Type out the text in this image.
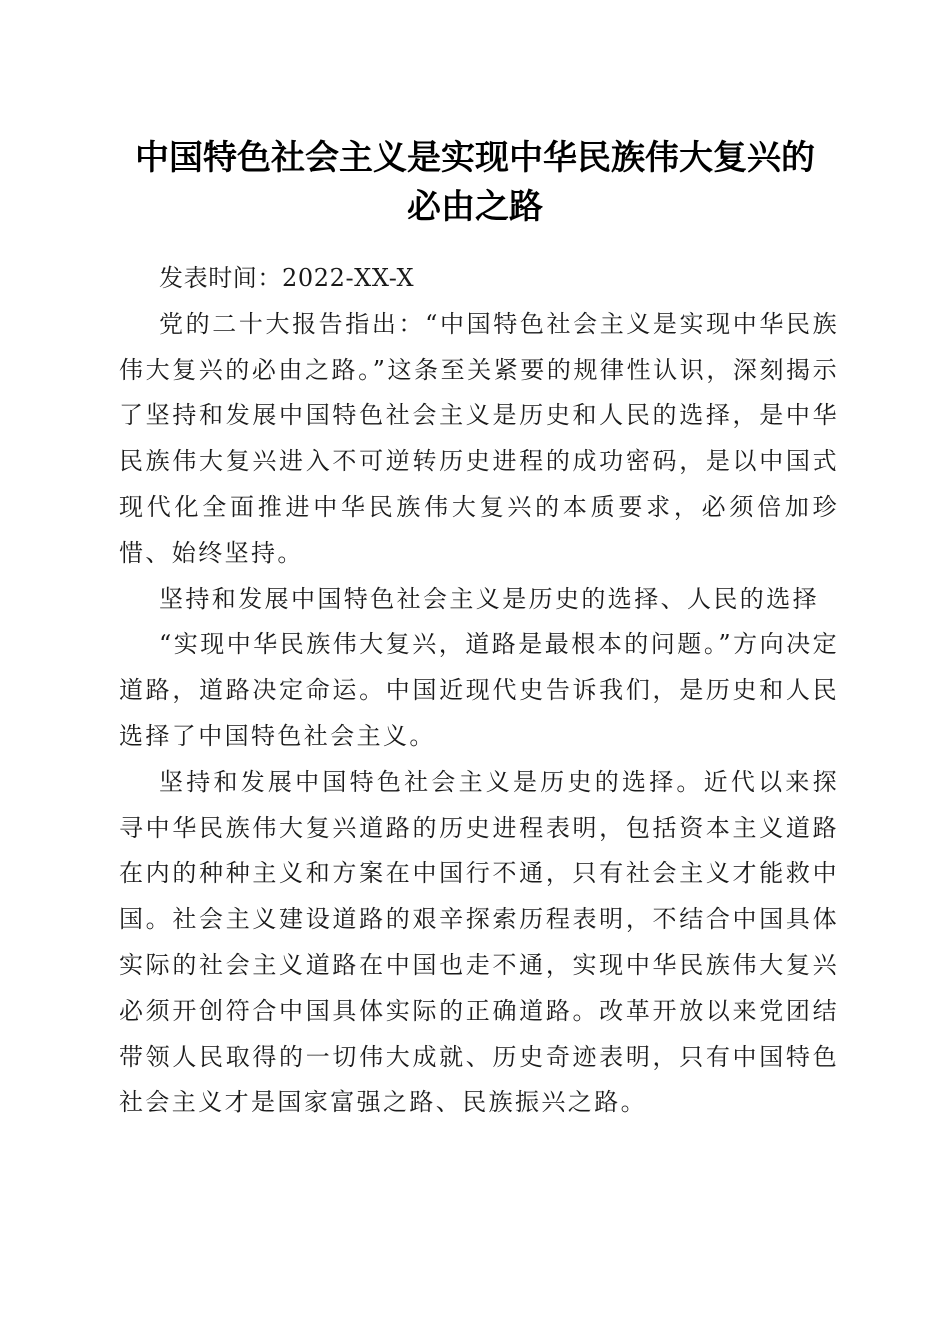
中国特色社会主义是实现中华民族伟大复兴的
必由之路

发表时间：2022-XX-X

党的二十大报告指出：“中国特色社会主义是实现中华民族伟大复兴的必由之路。”这条至关紧要的规律性认识，深刻揭示了坚持和发展中国特色社会主义是历史和人民的选择，是中华民族伟大复兴进入不可逆转历史进程的成功密码，是以中国式现代化全面推进中华民族伟大复兴的本质要求，必须倍加珍惜、始终坚持。

坚持和发展中国特色社会主义是历史的选择、人民的选择

“实现中华民族伟大复兴，道路是最根本的问题。”方向决定道路，道路决定命运。中国近现代史告诉我们，是历史和人民选择了中国特色社会主义。

坚持和发展中国特色社会主义是历史的选择。近代以来探寻中华民族伟大复兴道路的历史进程表明，包括资本主义道路在内的种种主义和方案在中国行不通，只有社会主义才能救中国。社会主义建设道路的艰辛探索历程表明，不结合中国具体实际的社会主义道路在中国也走不通，实现中华民族伟大复兴必须开创符合中国具体实际的正确道路。改革开放以来党团结带领人民取得的一切伟大成就、历史奇迹表明，只有中国特色社会主义才是国家富强之路、民族振兴之路。
